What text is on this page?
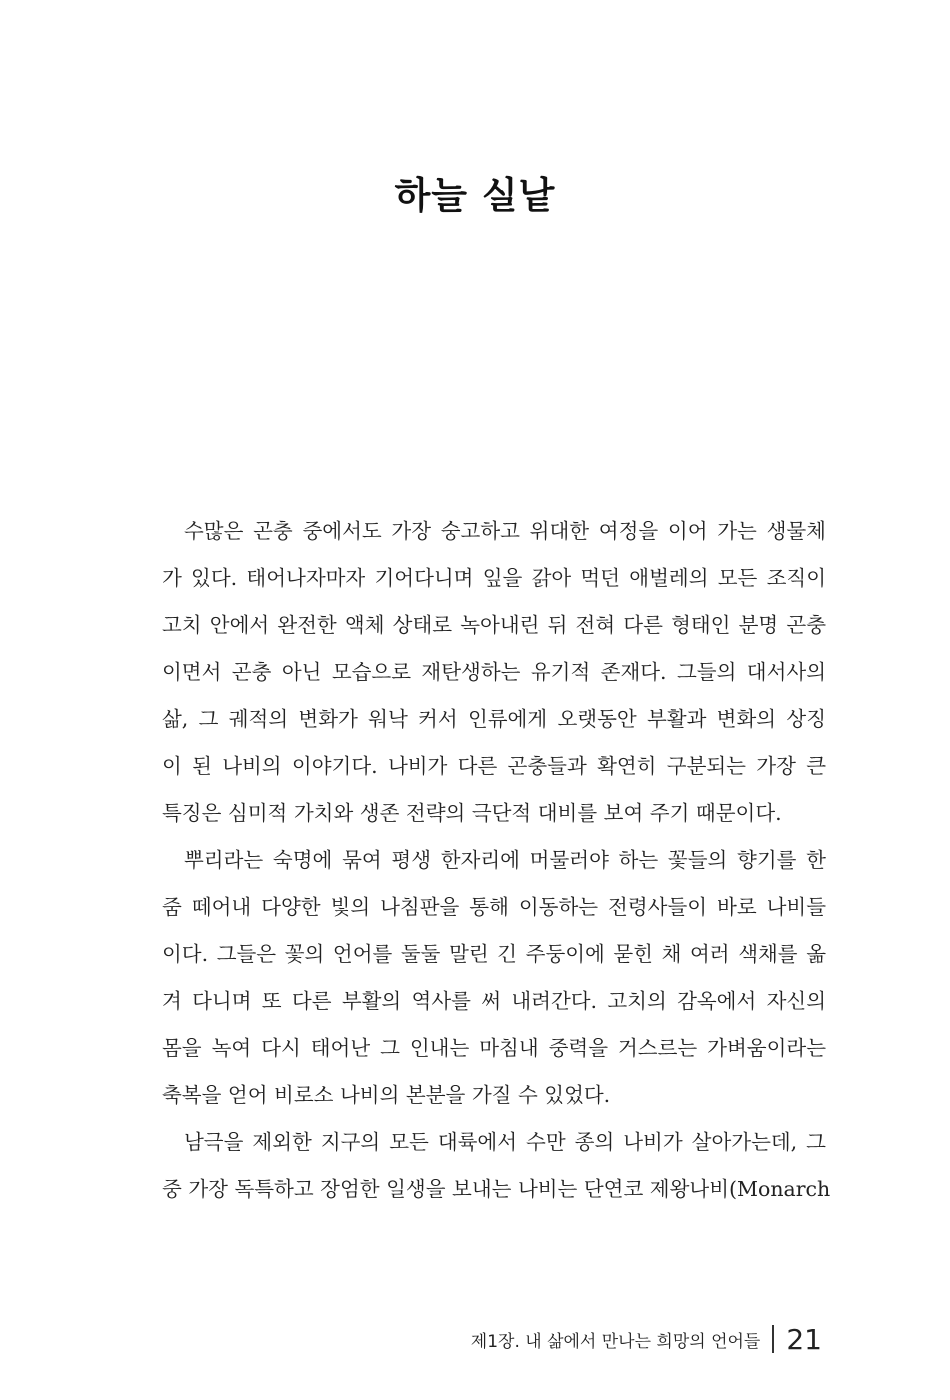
하늘 실낱
수많은 곤충 중에서도 가장 숭고하고 위대한 여정을 이어 가는 생물체
가 있다. 태어나자마자 기어다니며 잎을 갉아 먹던 애벌레의 모든 조직이
고치 안에서 완전한 액체 상태로 녹아내린 뒤 전혀 다른 형태인 분명 곤충
이면서 곤충 아닌 모습으로 재탄생하는 유기적 존재다. 그들의 대서사의
삶, 그 궤적의 변화가 워낙 커서 인류에게 오랫동안 부활과 변화의 상징
이 된 나비의 이야기다. 나비가 다른 곤충들과 확연히 구분되는 가장 큰
특징은 심미적 가치와 생존 전략의 극단적 대비를 보여 주기 때문이다.
뿌리라는 숙명에 묶여 평생 한자리에 머물러야 하는 꽃들의 향기를 한
줌 떼어내 다양한 빛의 나침판을 통해 이동하는 전령사들이 바로 나비들
이다. 그들은 꽃의 언어를 둘둘 말린 긴 주둥이에 묻힌 채 여러 색채를 옮
겨 다니며 또 다른 부활의 역사를 써 내려간다. 고치의 감옥에서 자신의
몸을 녹여 다시 태어난 그 인내는 마침내 중력을 거스르는 가벼움이라는
축복을 얻어 비로소 나비의 본분을 가질 수 있었다.
남극을 제외한 지구의 모든 대륙에서 수만 종의 나비가 살아가는데, 그
중 가장 독특하고 장엄한 일생을 보내는 나비는 단연코 제왕나비(Monarch
제1장. 내 삶에서 만나는 희망의 언어들 21
